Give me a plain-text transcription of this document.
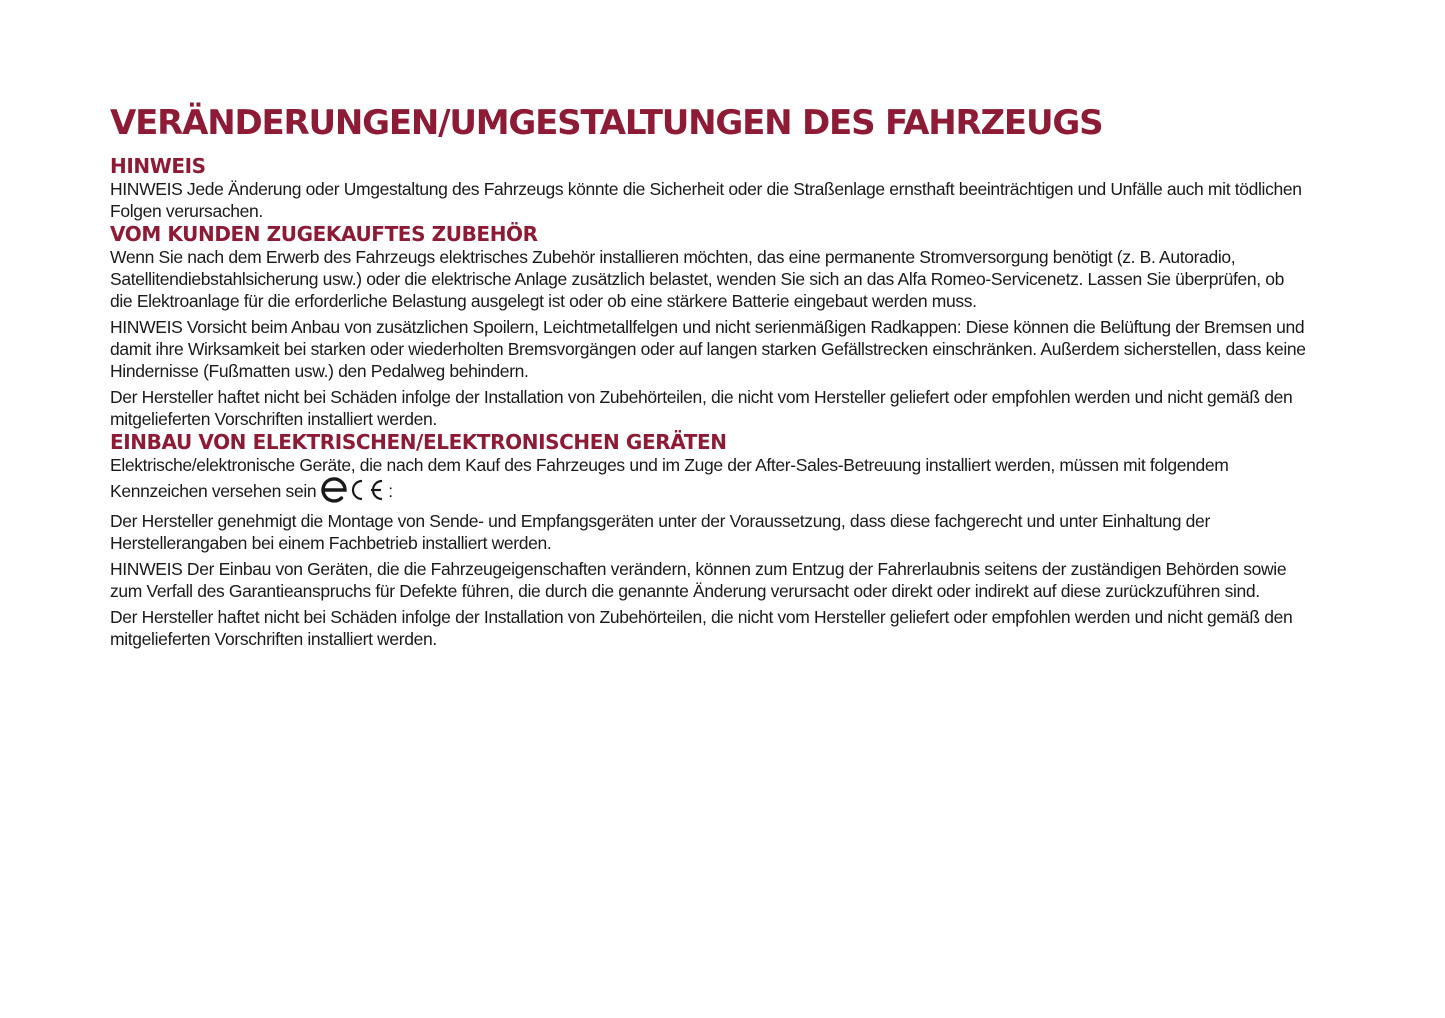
VERÄNDERUNGEN/UMGESTALTUNGEN DES FAHRZEUGS
HINWEIS

HINWEIS Jede Änderung oder Umgestaltung des Fahrzeugs könnte die Sicherheit oder die Straßenlage ernsthaft beeinträchtigen und Unfälle auch mit tödlichen Folgen verursachen.

VOM KUNDEN ZUGEKAUFTES ZUBEHÖR

Wenn Sie nach dem Erwerb des Fahrzeugs elektrisches Zubehör installieren möchten, das eine permanente Stromversorgung benötigt (z. B. Autoradio, Satellitendiebstahlsicherung usw.) oder die elektrische Anlage zusätzlich belastet, wenden Sie sich an das Alfa Romeo-Servicenetz. Lassen Sie überprüfen, ob die Elektroanlage für die erforderliche Belastung ausgelegt ist oder ob eine stärkere Batterie eingebaut werden muss.

HINWEIS Vorsicht beim Anbau von zusätzlichen Spoilern, Leichtmetallfelgen und nicht serienmäßigen Radkappen: Diese können die Belüftung der Bremsen und damit ihre Wirksamkeit bei starken oder wiederholten Bremsvorgängen oder auf langen starken Gefällstrecken einschränken. Außerdem sicherstellen, dass keine Hindernisse (Fußmatten usw.) den Pedalweg behindern.

Der Hersteller haftet nicht bei Schäden infolge der Installation von Zubehörteilen, die nicht vom Hersteller geliefert oder empfohlen werden und nicht gemäß den mitgelieferten Vorschriften installiert werden.

EINBAU VON ELEKTRISCHEN/ELEKTRONISCHEN GERÄTEN

Elektrische/elektronische Geräte, die nach dem Kauf des Fahrzeuges und im Zuge der After-Sales-Betreuung installiert werden, müssen mit folgendem

Kennzeichen versehen sein	:

Der Hersteller genehmigt die Montage von Sende- und Empfangsgeräten unter der Voraussetzung, dass diese fachgerecht und unter Einhaltung der Herstellerangaben bei einem Fachbetrieb installiert werden.

HINWEIS Der Einbau von Geräten, die die Fahrzeugeigenschaften verändern, können zum Entzug der Fahrerlaubnis seitens der zuständigen Behörden sowie zum Verfall des Garantieanspruchs für Defekte führen, die durch die genannte Änderung verursacht oder direkt oder indirekt auf diese zurückzuführen sind.

Der Hersteller haftet nicht bei Schäden infolge der Installation von Zubehörteilen, die nicht vom Hersteller geliefert oder empfohlen werden und nicht gemäß den mitgelieferten Vorschriften installiert werden.
